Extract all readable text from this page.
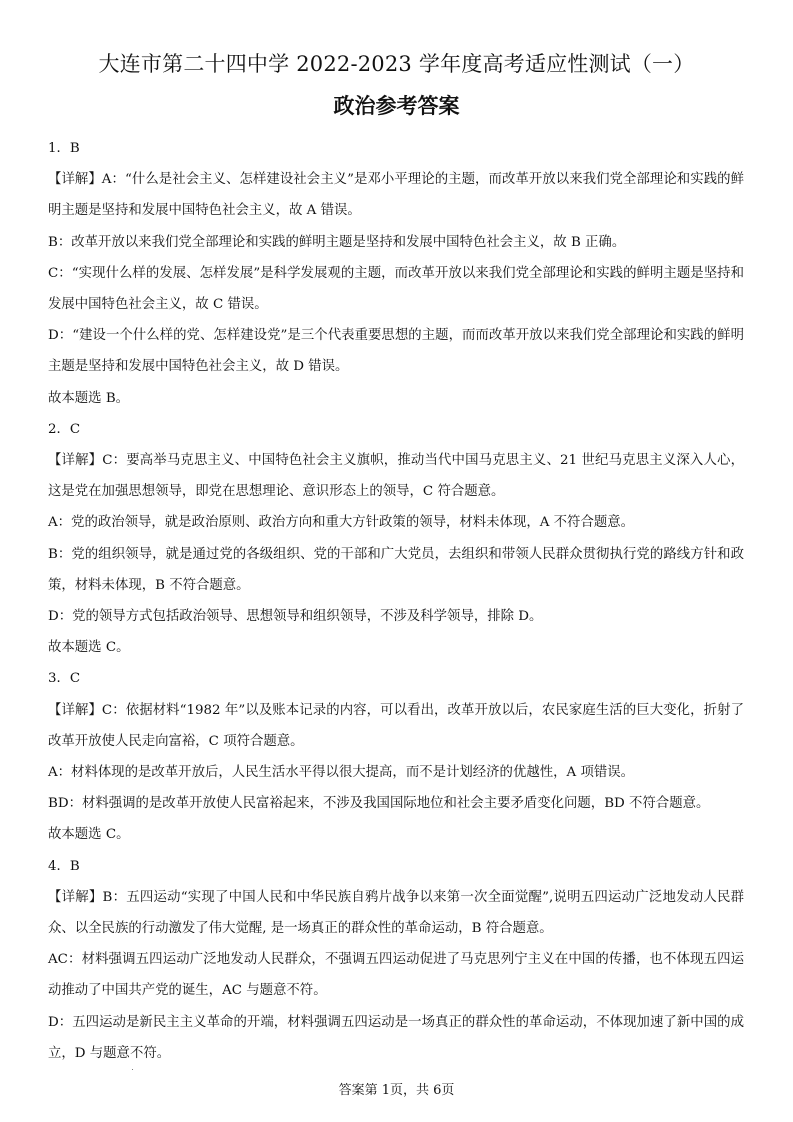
大连市第二十四中学 2022-2023 学年度高考适应性测试（一）
政治参考答案

1．B

【详解】A：“什么是社会主义、怎样建设社会主义”是邓小平理论的主题，而改革开放以来我们党全部理论和实践的鲜明主题是坚持和发展中国特色社会主义，故 A 错误。

B：改革开放以来我们党全部理论和实践的鲜明主题是坚持和发展中国特色社会主义，故 B 正确。

C：“实现什么样的发展、怎样发展”是科学发展观的主题，而改革开放以来我们党全部理论和实践的鲜明主题是坚持和发展中国特色社会主义，故 C 错误。

D：“建设一个什么样的党、怎样建设党”是三个代表重要思想的主题，而而改革开放以来我们党全部理论和实践的鲜明主题是坚持和发展中国特色社会主义，故 D 错误。

故本题选 B。

2．C

【详解】C：要高举马克思主义、中国特色社会主义旗帜，推动当代中国马克思主义、21 世纪马克思主义深入人心，这是党在加强思想领导，即党在思想理论、意识形态上的领导，C 符合题意。

A：党的政治领导，就是政治原则、政治方向和重大方针政策的领导，材料未体现，A 不符合题意。

B：党的组织领导，就是通过党的各级组织、党的干部和广大党员，去组织和带领人民群众贯彻执行党的路线方针和政策，材料未体现，B 不符合题意。

D：党的领导方式包括政治领导、思想领导和组织领导，不涉及科学领导，排除 D。

故本题选 C。

3．C

【详解】C：依据材料“1982 年”以及账本记录的内容，可以看出，改革开放以后，农民家庭生活的巨大变化，折射了改革开放使人民走向富裕，C 项符合题意。

A：材料体现的是改革开放后，人民生活水平得以很大提高，而不是计划经济的优越性，A 项错误。

BD：材料强调的是改革开放使人民富裕起来，不涉及我国国际地位和社会主要矛盾变化问题，BD 不符合题意。

故本题选 C。

4．B

【详解】B：五四运动“实现了中国人民和中华民族自鸦片战争以来第一次全面觉醒”,说明五四运动广泛地发动人民群众、以全民族的行动激发了伟大觉醒, 是一场真正的群众性的革命运动，B 符合题意。

AC：材料强调五四运动广泛地发动人民群众，不强调五四运动促进了马克思列宁主义在中国的传播，也不体现五四运动推动了中国共产党的诞生，AC 与题意不符。

D：五四运动是新民主主义革命的开端，材料强调五四运动是一场真正的群众性的革命运动，不体现加速了新中国的成立，D 与题意不符。

答案第 1页，共 6页
